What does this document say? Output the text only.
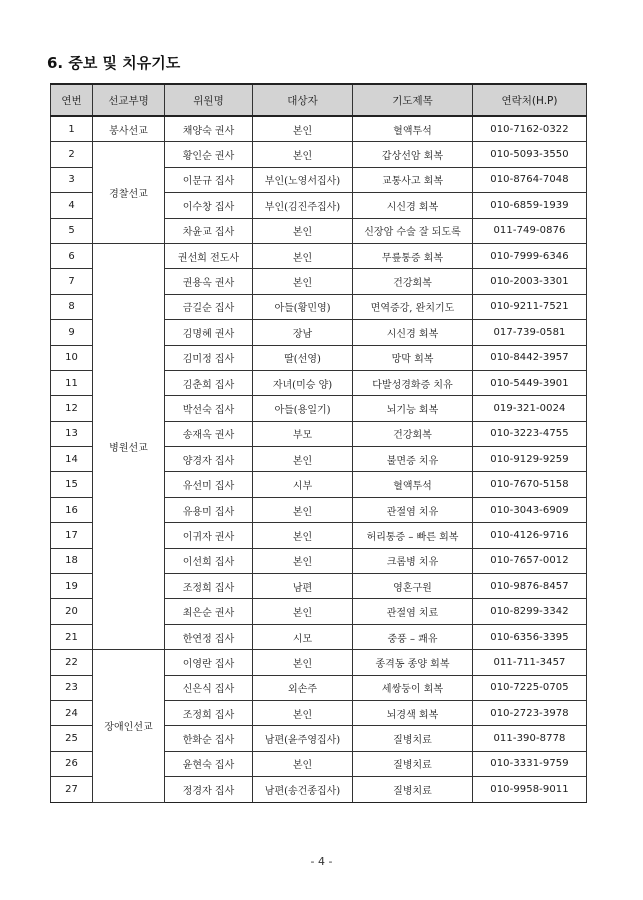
6. 중보 및 치유기도
연번	선교부명	위원명	대상자	기도제목	연락처(H.P)
1	봉사선교	채양숙 권사	본인	혈액투석	010-7162-0322
2	경찰선교	황인순 권사	본인	갑상선암 회복	010-5093-3550
3		이문규 집사	부인(노영서집사)	교통사고 회복	010-8764-7048
4		이수창 집사	부인(김진주집사)	시신경 회복	010-6859-1939
5		차윤교 집사	본인	신장암 수술 잘 되도록	011-749-0876
6	병원선교	권선희 전도사	본인	무릎통증 회복	010-7999-6346
7		권용옥 권사	본인	건강회복	010-2003-3301
8		금길순 집사	아들(황민영)	면역증강, 완치기도	010-9211-7521
9		김명혜 권사	장남	시신경 회복	017-739-0581
10		김미정 집사	딸(선영)	망막 회복	010-8442-3957
11		김춘희 집사	자녀(미승 양)	다발성경화증 치유	010-5449-3901
12		박선숙 집사	아들(용일기)	뇌기능 회복	019-321-0024
13		송재옥 권사	부모	건강회복	010-3223-4755
14		양경자 집사	본인	불면증 치유	010-9129-9259
15		유선미 집사	시부	혈액투석	010-7670-5158
16		유용미 집사	본인	관절염 치유	010-3043-6909
17		이귀자 권사	본인	허리통증 – 빠른 회복	010-4126-9716
18		이선희 집사	본인	크롬병 치유	010-7657-0012
19		조정희 집사	남편	영혼구원	010-9876-8457
20		최은순 권사	본인	관절염 치료	010-8299-3342
21		한연정 집사	시모	중풍 – 쾌유	010-6356-3395
22	장애인선교	이영란 집사	본인	종격동 종양 회복	011-711-3457
23		신은식 집사	외손주	세쌍둥이 회복	010-7225-0705
24		조정희 집사	본인	뇌경색 회복	010-2723-3978
25		한화순 집사	남편(윤주영집사)	질병치료	011-390-8778
26		윤현숙 집사	본인	질병치료	010-3331-9759
27		정경자 집사	남편(송건종집사)	질병치료	010-9958-9011
- 4 -
